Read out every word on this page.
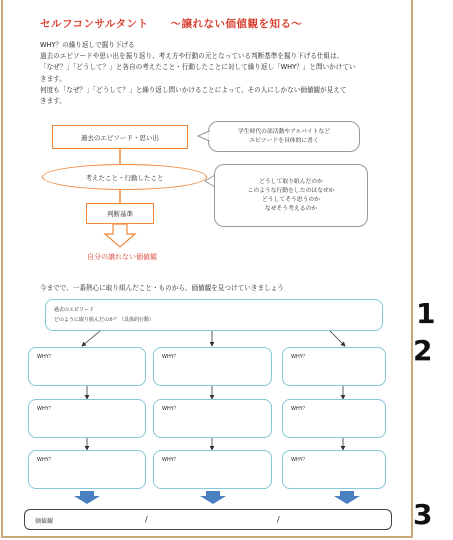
セルフコンサルタント　　～譲れない価値観を知る～
WHY？の繰り返しで掘り下げる
過去のエピソードや思い出を振り返り、考え方や行動の元となっている判断基準を掘り下げる仕組は、
「なぜ？」「どうして？」と各自の考えたこと・行動したことに対して繰り返し「WHY？」と問いかけてい
きます。
何度も「なぜ？」「どうして？」と繰り返し問いかけることによって、その人にしかない価値観が見えて
きます。
過去のエピソード・思い出
考えたこと・行動したこと
判断基準
自分の譲れない価値観
学生時代の部活動やアルバイトなど
エピソードを具体的に書く
どうして取り組んだのか
このような行動をしたのはなぜか
どうしてそう思うのか
なぜそう考えるのか
今までで、一番熱心に取り組んだこと・ものから、価値観を見つけていきましょう
過去のエピソード
どのように取り組んだのか？（具体的行動）
WHY？	WHY？	WHY？
WHY？	WHY？	WHY？
WHY？	WHY？	WHY？
価値観	/	/
1
2
3
